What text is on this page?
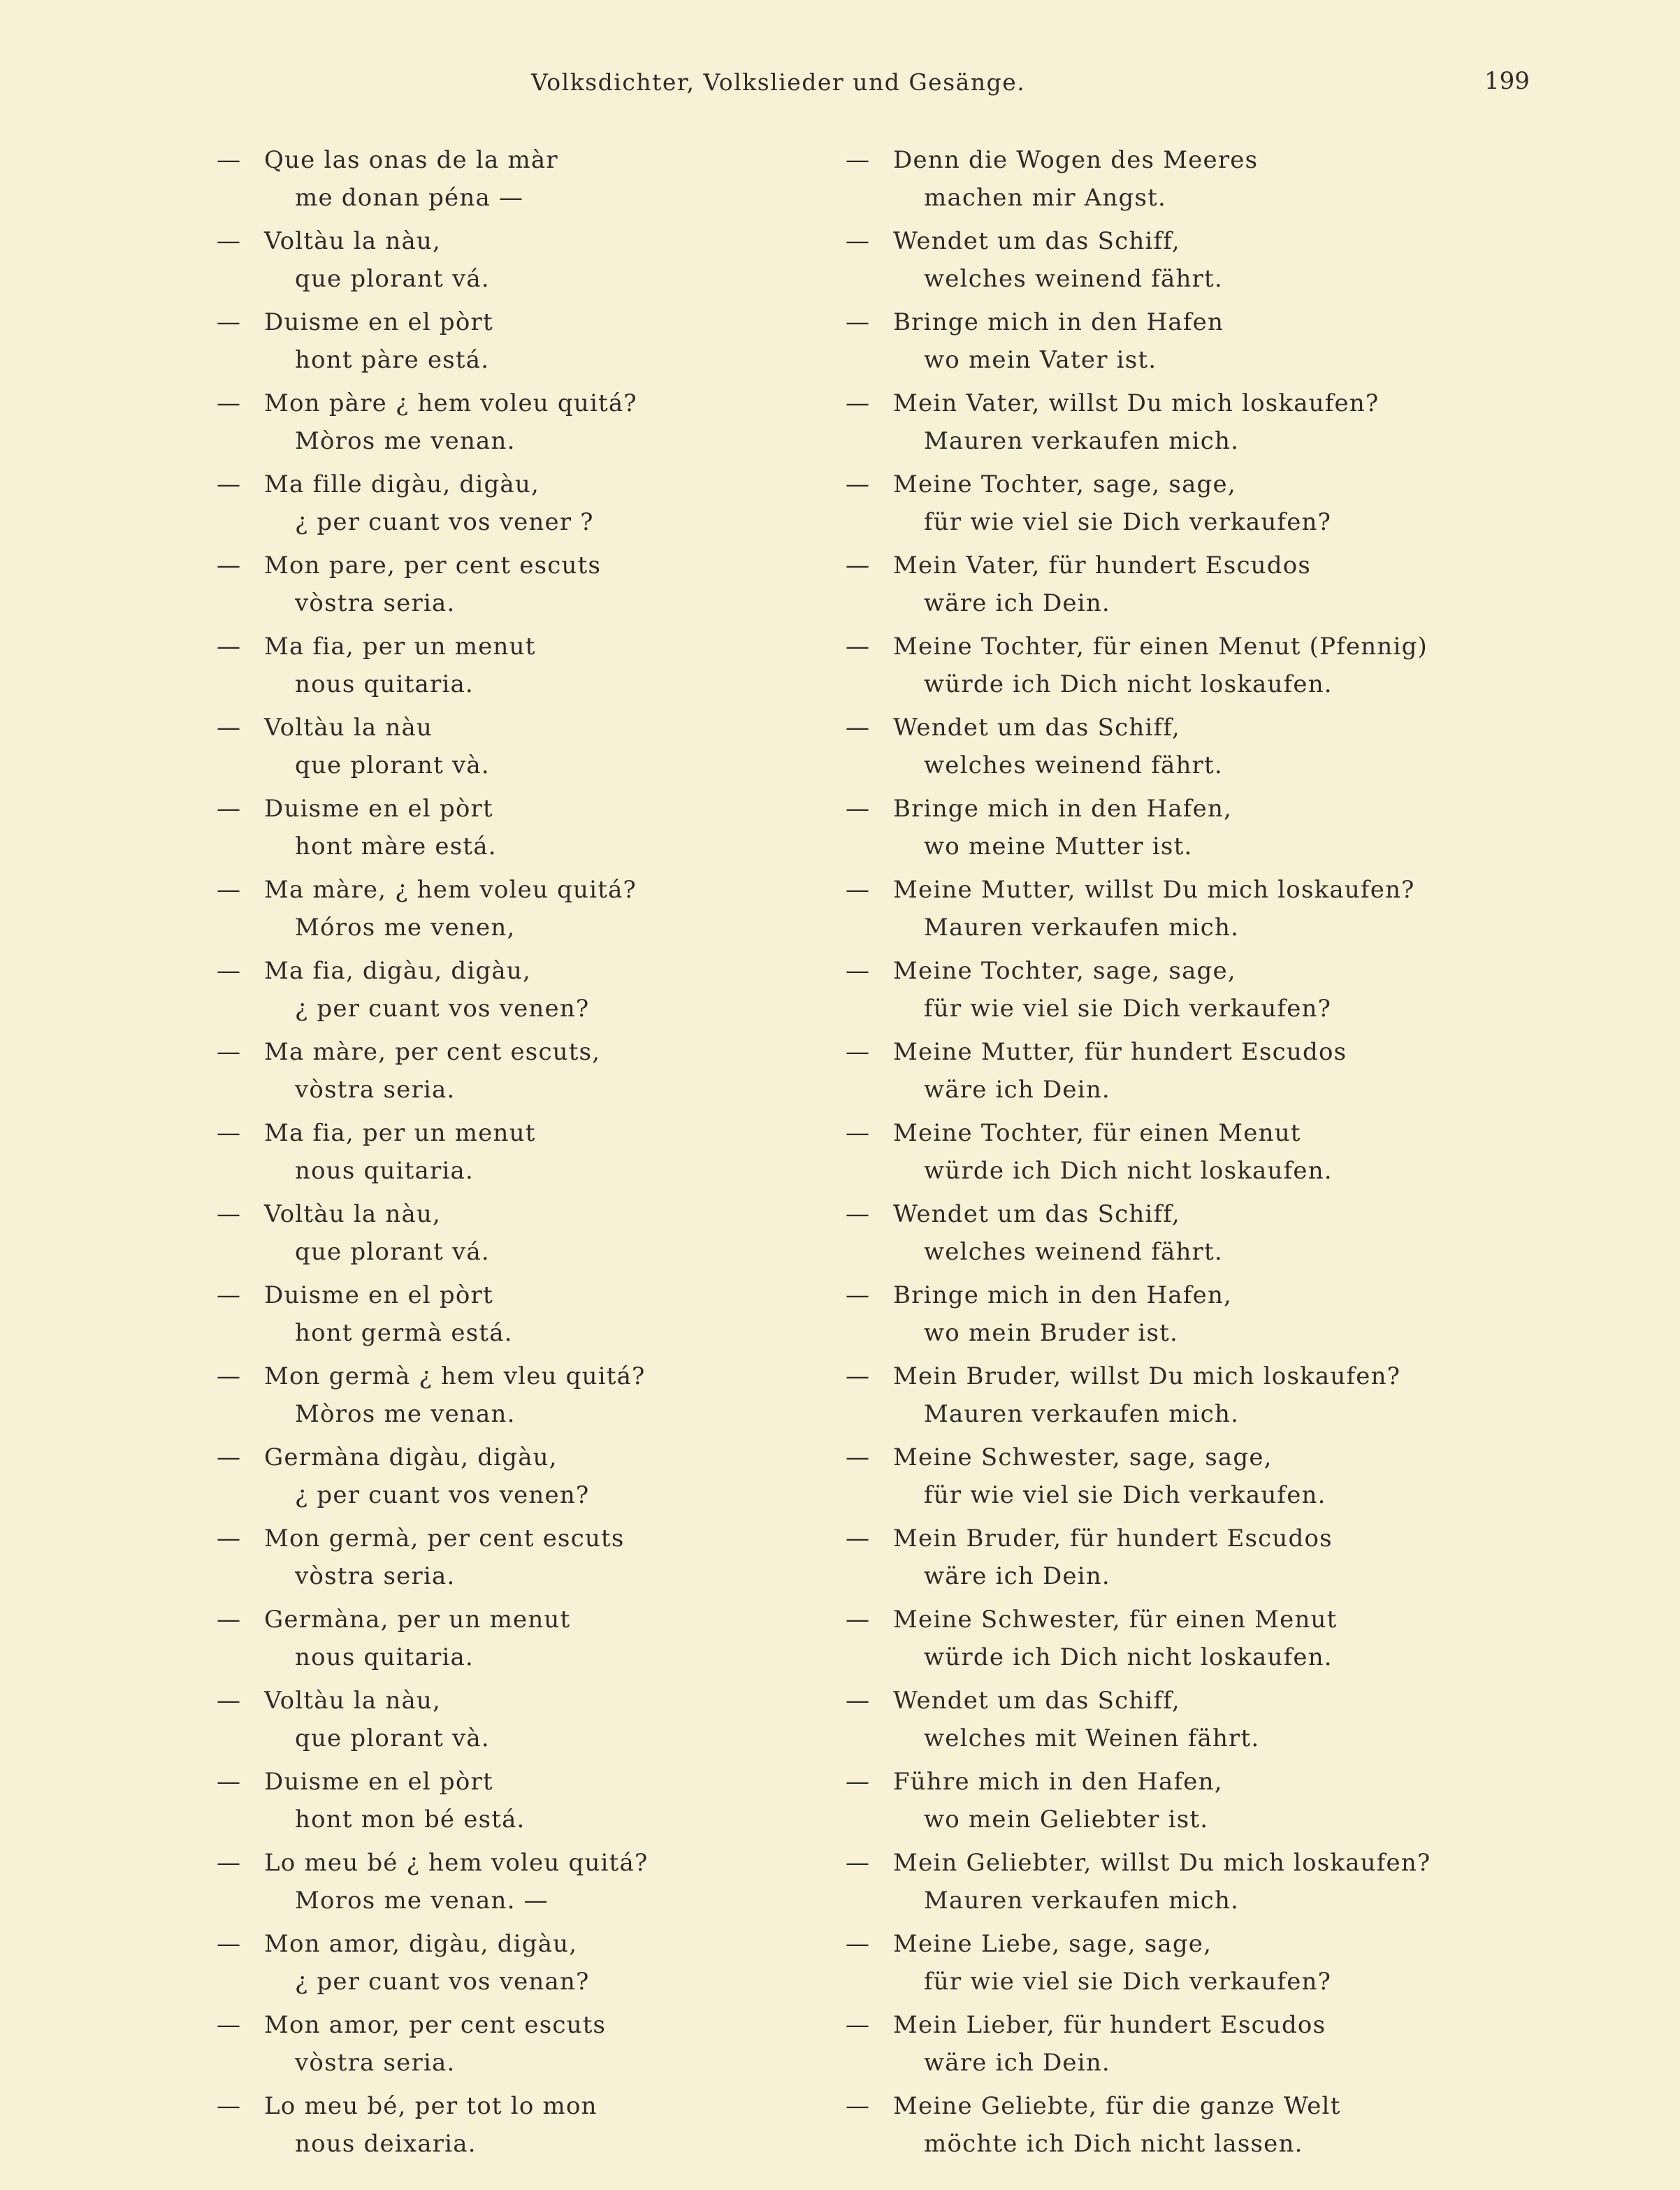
Volksdichter, Volkslieder und Gesänge.	199
— Que las onas de la màr
me donan péna —
— Voltàu la nàu,
que plorant vá.
— Duisme en el pòrt
hont pàre está.
— Mon pàre ¿ hem voleu quitá?
Mòros me venan.
— Ma fille digàu, digàu,
¿ per cuant vos vener ?
— Mon pare, per cent escuts
vòstra seria.
— Ma fia, per un menut
nous quitaria.
— Voltàu la nàu
que plorant và.
— Duisme en el pòrt
hont màre está.
— Ma màre, ¿ hem voleu quitá?
Móros me venen,
— Ma fia, digàu, digàu,
¿ per cuant vos venen?
— Ma màre, per cent escuts,
vòstra seria.
— Ma fia, per un menut
nous quitaria.
— Voltàu la nàu,
que plorant vá.
— Duisme en el pòrt
hont germà está.
— Mon germà ¿ hem vleu quitá?
Mòros me venan.
— Germàna digàu, digàu,
¿ per cuant vos venen?
— Mon germà, per cent escuts
vòstra seria.
— Germàna, per un menut
nous quitaria.
— Voltàu la nàu,
que plorant và.
— Duisme en el pòrt
hont mon bé está.
— Lo meu bé ¿ hem voleu quitá?
Moros me venan. —
— Mon amor, digàu, digàu,
¿ per cuant vos venan?
— Mon amor, per cent escuts
vòstra seria.
— Lo meu bé, per tot lo mon
nous deixaria.
— Denn die Wogen des Meeres
machen mir Angst.
— Wendet um das Schiff,
welches weinend fährt.
— Bringe mich in den Hafen
wo mein Vater ist.
— Mein Vater, willst Du mich loskaufen?
Mauren verkaufen mich.
— Meine Tochter, sage, sage,
für wie viel sie Dich verkaufen?
— Mein Vater, für hundert Escudos
wäre ich Dein.
— Meine Tochter, für einen Menut (Pfennig)
würde ich Dich nicht loskaufen.
— Wendet um das Schiff,
welches weinend fährt.
— Bringe mich in den Hafen,
wo meine Mutter ist.
— Meine Mutter, willst Du mich loskaufen?
Mauren verkaufen mich.
— Meine Tochter, sage, sage,
für wie viel sie Dich verkaufen?
— Meine Mutter, für hundert Escudos
wäre ich Dein.
— Meine Tochter, für einen Menut
würde ich Dich nicht loskaufen.
— Wendet um das Schiff,
welches weinend fährt.
— Bringe mich in den Hafen,
wo mein Bruder ist.
— Mein Bruder, willst Du mich loskaufen?
Mauren verkaufen mich.
— Meine Schwester, sage, sage,
für wie viel sie Dich verkaufen.
— Mein Bruder, für hundert Escudos
wäre ich Dein.
— Meine Schwester, für einen Menut
würde ich Dich nicht loskaufen.
— Wendet um das Schiff,
welches mit Weinen fährt.
— Führe mich in den Hafen,
wo mein Geliebter ist.
— Mein Geliebter, willst Du mich loskaufen?
Mauren verkaufen mich.
— Meine Liebe, sage, sage,
für wie viel sie Dich verkaufen?
— Mein Lieber, für hundert Escudos
wäre ich Dein.
— Meine Geliebte, für die ganze Welt
möchte ich Dich nicht lassen.
